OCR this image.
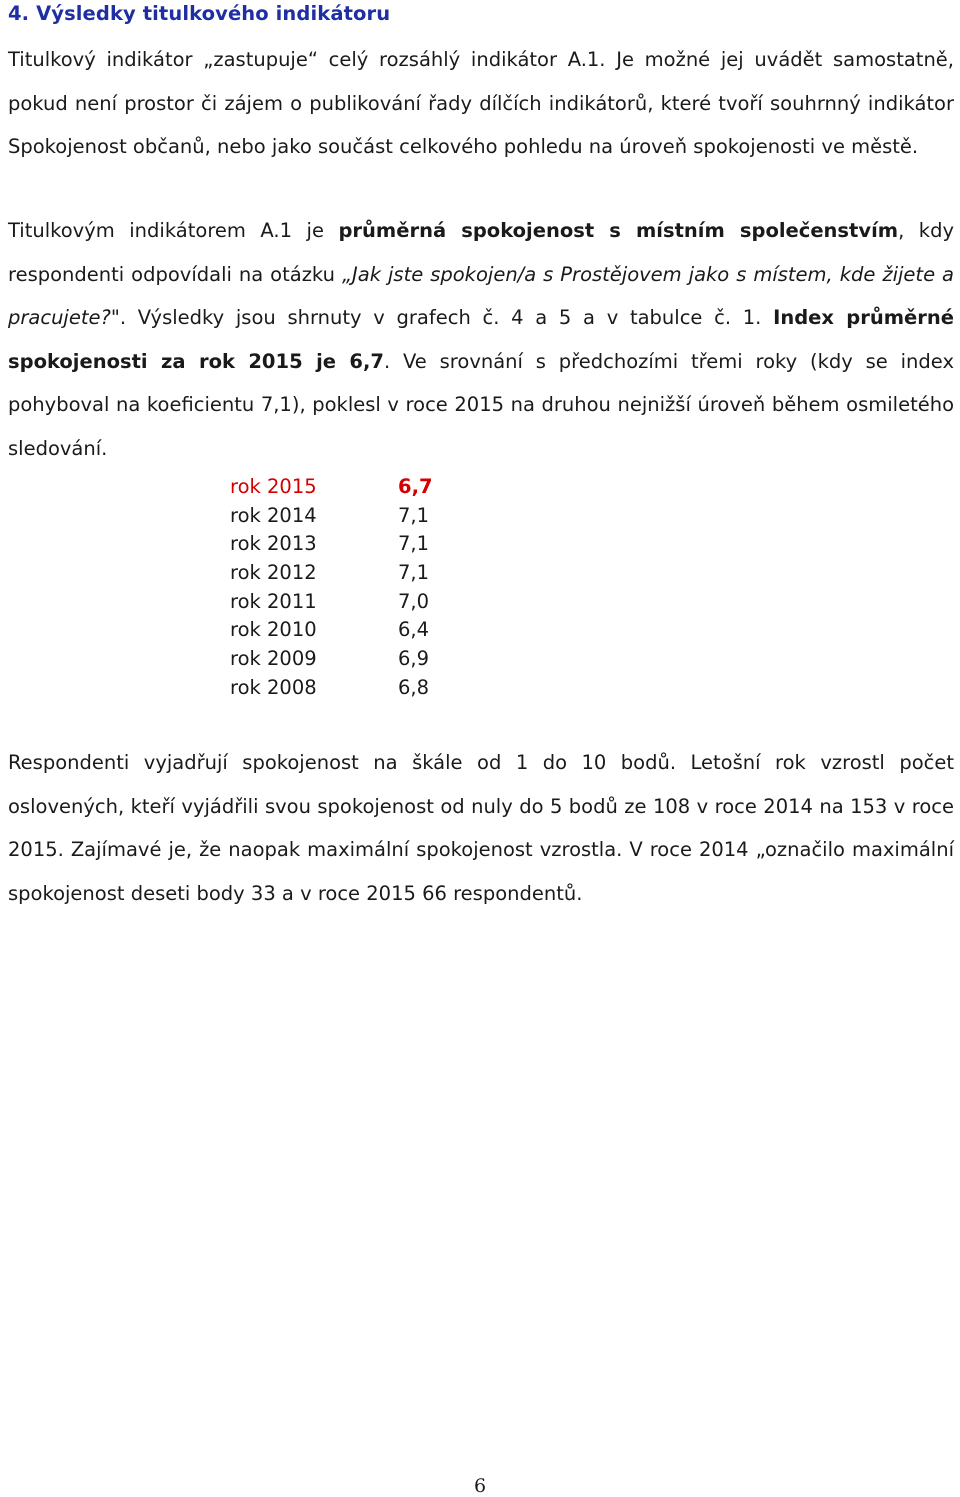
4. Výsledky titulkového indikátoru

Titulkový indikátor „zastupuje“ celý rozsáhlý indikátor A.1. Je možné jej uvádět samostatně, pokud není prostor či zájem o publikování řady dílčích indikátorů, které tvoří souhrnný indikátor Spokojenost občanů, nebo jako součást celkového pohledu na úroveň spokojenosti ve městě.

Titulkovým indikátorem A.1 je průměrná spokojenost s místním společenstvím, kdy respondenti odpovídali na otázku „Jak jste spokojen/a s Prostějovem jako s místem, kde žijete a pracujete?". Výsledky jsou shrnuty v grafech č. 4 a 5 a v tabulce č. 1. Index průměrné spokojenosti za rok 2015 je 6,7. Ve srovnání s předchozími třemi roky (kdy se index pohyboval na koeficientu 7,1), poklesl v roce 2015 na druhou nejnižší úroveň během osmiletého sledování.

rok 2015	6,7
rok 2014	7,1
rok 2013	7,1
rok 2012	7,1
rok 2011	7,0
rok 2010	6,4
rok 2009	6,9
rok 2008	6,8

Respondenti vyjadřují spokojenost na škále od 1 do 10 bodů. Letošní rok vzrostl počet oslovených, kteří vyjádřili svou spokojenost od nuly do 5 bodů ze 108 v roce 2014 na 153 v roce 2015. Zajímavé je, že naopak maximální spokojenost vzrostla. V roce 2014 „označilo maximální spokojenost deseti body 33 a v roce 2015 66 respondentů.

6
